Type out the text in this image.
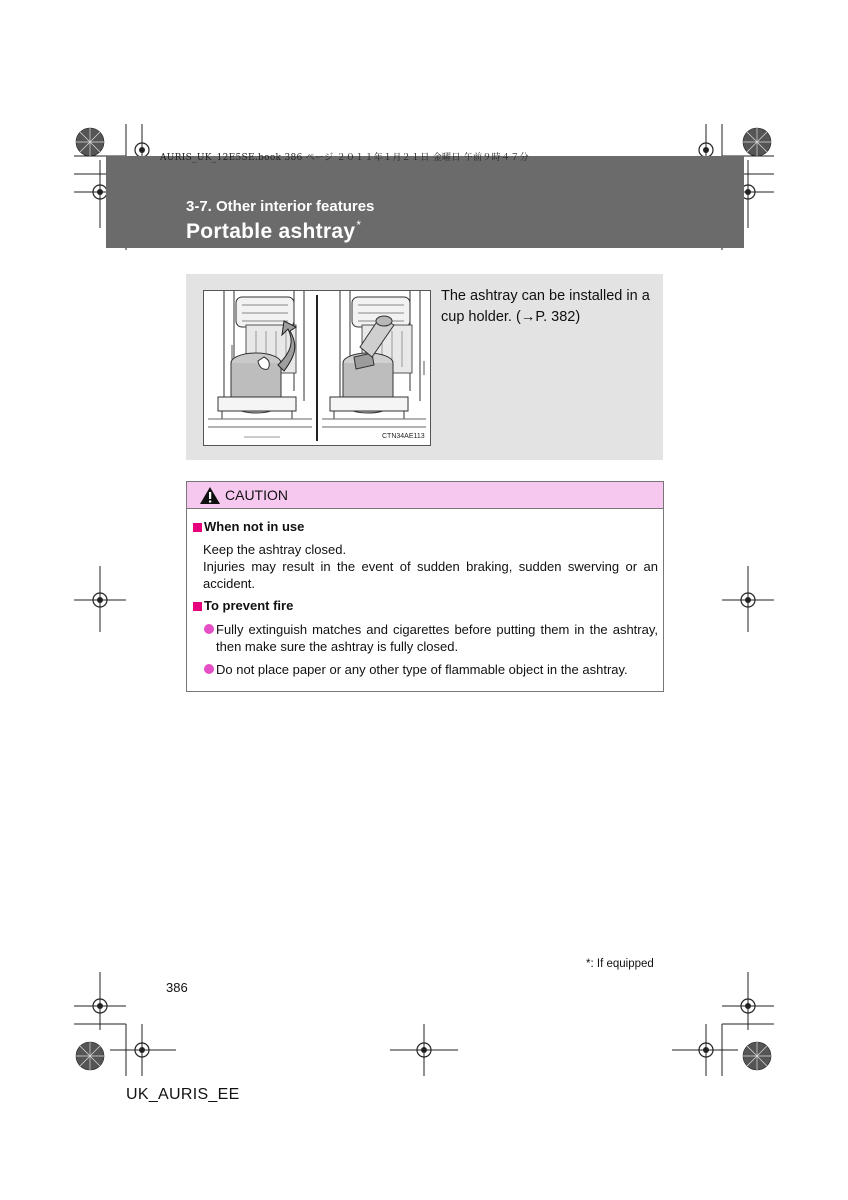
AURIS_UK_12E5SE.book 386 ページ ２０１１年１月２１日 金曜日 午前９時４７分
3-7. Other interior features
Portable ashtray*
CTN34AE113
The ashtray can be installed in a cup holder. (→P. 382)
CAUTION
When not in use
Keep the ashtray closed.
Injuries may result in the event of sudden braking, sudden swerving or an accident.
To prevent fire
Fully extinguish matches and cigarettes before putting them in the ashtray, then make sure the ashtray is fully closed.
Do not place paper or any other type of flammable object in the ashtray.
*: If equipped
386
UK_AURIS_EE
